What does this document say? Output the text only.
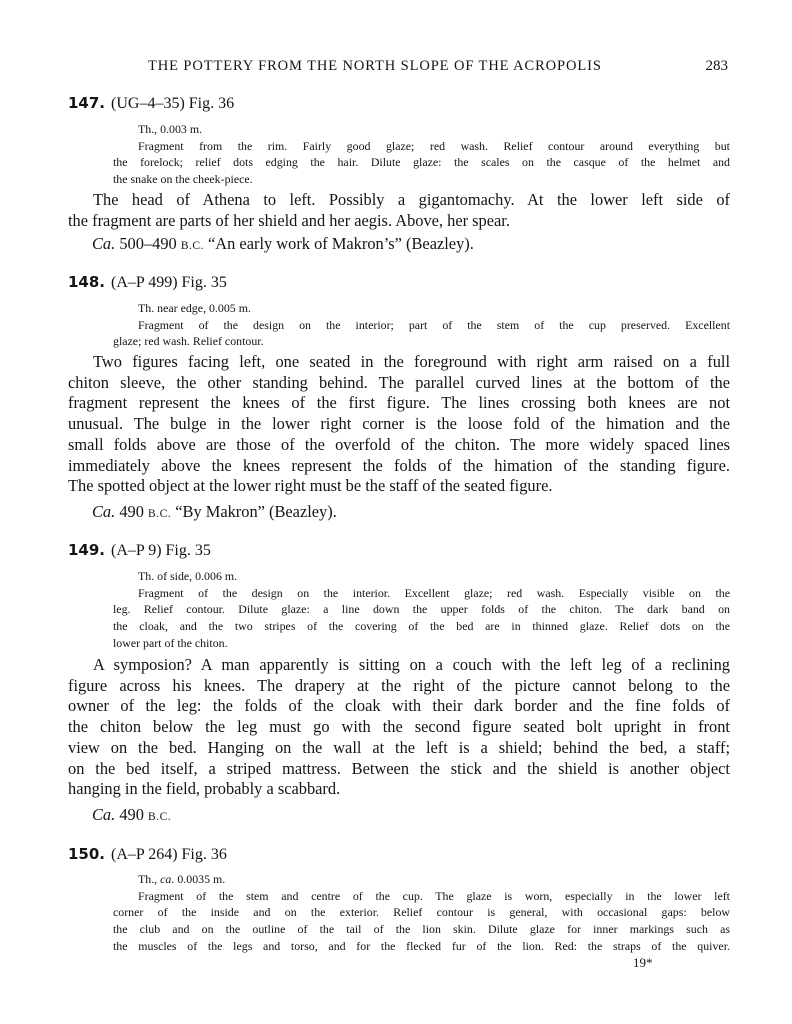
THE POTTERY FROM THE NORTH SLOPE OF THE ACROPOLIS	283
147. (UG–4–35) Fig. 36
Th., 0.003 m.
Fragment from the rim. Fairly good glaze; red wash. Relief contour around everything but
the forelock; relief dots edging the hair. Dilute glaze: the scales on the casque of the helmet and
the snake on the cheek-piece.
The head of Athena to left. Possibly a gigantomachy. At the lower left side of
the fragment are parts of her shield and her aegis. Above, her spear.
Ca. 500–490 B.C. “An early work of Makron’s” (Beazley).
148. (A–P 499) Fig. 35
Th. near edge, 0.005 m.
Fragment of the design on the interior; part of the stem of the cup preserved. Excellent
glaze; red wash. Relief contour.
Two figures facing left, one seated in the foreground with right arm raised on a full
chiton sleeve, the other standing behind. The parallel curved lines at the bottom of the
fragment represent the knees of the first figure. The lines crossing both knees are not
unusual. The bulge in the lower right corner is the loose fold of the himation and the
small folds above are those of the overfold of the chiton. The more widely spaced lines
immediately above the knees represent the folds of the himation of the standing figure.
The spotted object at the lower right must be the staff of the seated figure.
Ca. 490 B.C. “By Makron” (Beazley).
149. (A–P 9) Fig. 35
Th. of side, 0.006 m.
Fragment of the design on the interior. Excellent glaze; red wash. Especially visible on the
leg. Relief contour. Dilute glaze: a line down the upper folds of the chiton. The dark band on
the cloak, and the two stripes of the covering of the bed are in thinned glaze. Relief dots on the
lower part of the chiton.
A symposion? A man apparently is sitting on a couch with the left leg of a reclining
figure across his knees. The drapery at the right of the picture cannot belong to the
owner of the leg: the folds of the cloak with their dark border and the fine folds of
the chiton below the leg must go with the second figure seated bolt upright in front
view on the bed. Hanging on the wall at the left is a shield; behind the bed, a staff;
on the bed itself, a striped mattress. Between the stick and the shield is another object
hanging in the field, probably a scabbard.
Ca. 490 B.C.
150. (A–P 264) Fig. 36
Th., ca. 0.0035 m.
Fragment of the stem and centre of the cup. The glaze is worn, especially in the lower left
corner of the inside and on the exterior. Relief contour is general, with occasional gaps: below
the club and on the outline of the tail of the lion skin. Dilute glaze for inner markings such as
the muscles of the legs and torso, and for the flecked fur of the lion. Red: the straps of the quiver.
19*
